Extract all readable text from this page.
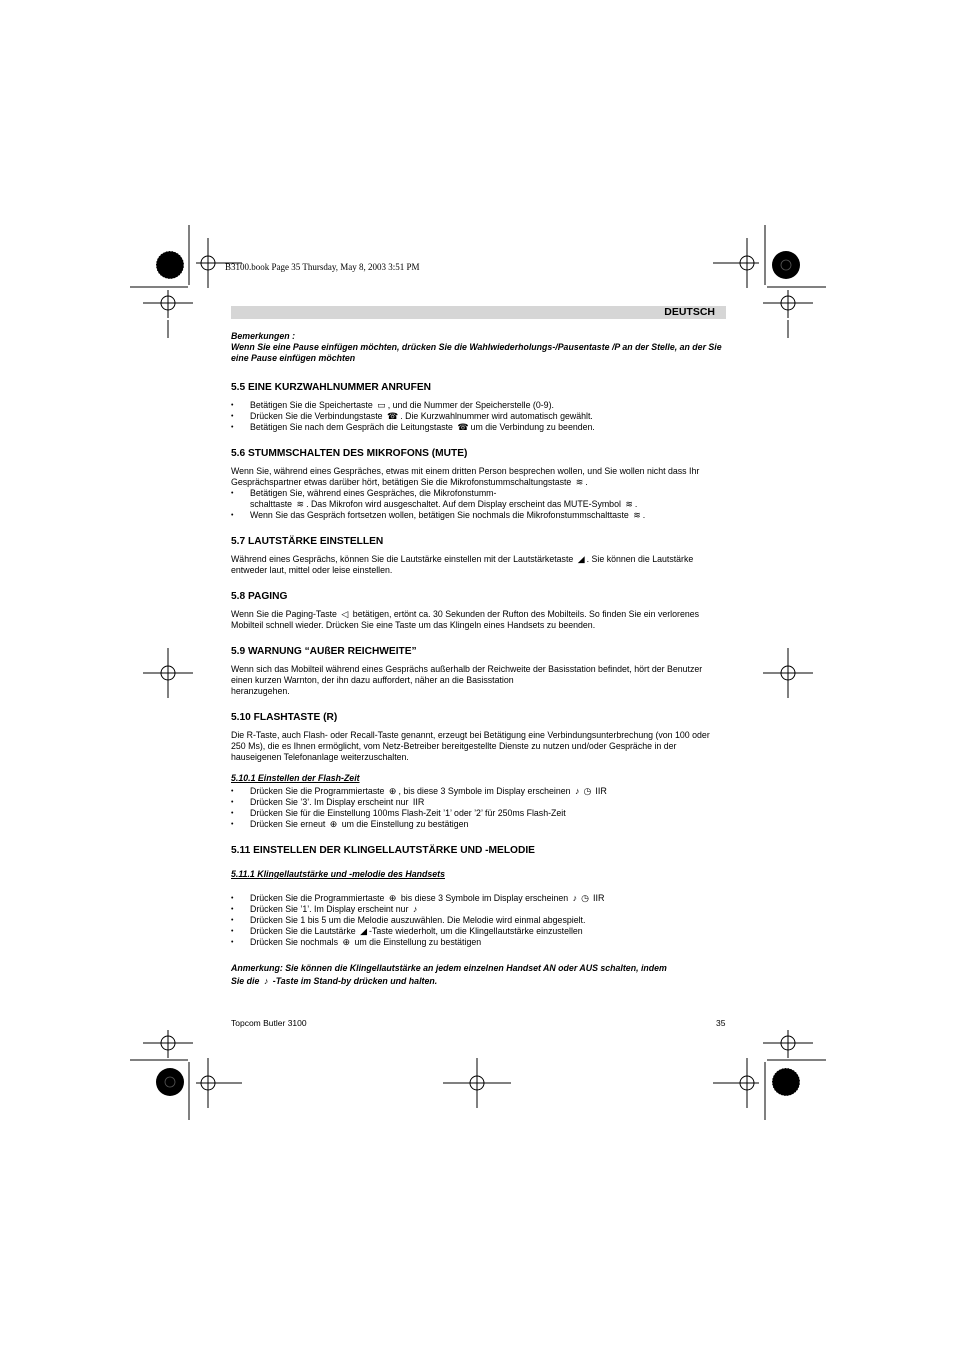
B3100.book Page 35 Thursday, May 8, 2003 3:51 PM
DEUTSCH
Bemerkungen :
Wenn Sie eine Pause einfügen möchten, drücken Sie die Wahlwiederholungs-/Pausentaste /P an der Stelle, an der Sie eine Pause einfügen möchten
5.5 EINE KURZWAHLNUMMER ANRUFEN
• Betätigen Sie die Speichertaste ▭ , und die Nummer der Speicherstelle (0-9).
• Drücken Sie die Verbindungstaste ☎ . Die Kurzwahlnummer wird automatisch gewählt.
• Betätigen Sie nach dem Gespräch die Leitungstaste ☎ um die Verbindung zu beenden.
5.6 STUMMSCHALTEN DES MIKROFONS (MUTE)

Wenn Sie, während eines Gespräches, etwas mit einem dritten Person besprechen wollen, und Sie wollen nicht dass Ihr Gesprächspartner etwas darüber hört, betätigen Sie die Mikrofonstummschaltungstaste ≋ .

• Betätigen Sie, während eines Gespräches, die Mikrofonstumm-
schalttaste ≋ . Das Mikrofon wird ausgeschaltet. Auf dem Display erscheint das MUTE-Symbol ≋ .
• Wenn Sie das Gespräch fortsetzen wollen, betätigen Sie nochmals die Mikrofonstummschalttaste ≋ .
5.7 LAUTSTÄRKE EINSTELLEN

Während eines Gesprächs, können Sie die Lautstärke einstellen mit der Lautstärketaste ◢ . Sie können die Lautstärke entweder laut, mittel oder leise einstellen.

5.8 PAGING

Wenn Sie die Paging-Taste ◁ betätigen, ertönt ca. 30 Sekunden der Rufton des Mobilteils. So finden Sie ein verlorenes Mobilteil schnell wieder. Drücken Sie eine Taste um das Klingeln eines Handsets zu beenden.

5.9 WARNUNG “AUßER REICHWEITE”

Wenn sich das Mobilteil während eines Gesprächs außerhalb der Reichweite der Basisstation befindet, hört der Benutzer einen kurzen Warnton, der ihn dazu auffordert, näher an die Basisstation
heranzugehen.

5.10 FLASHTASTE (R)

Die R-Taste, auch Flash- oder Recall-Taste genannt, erzeugt bei Betätigung eine Verbindungsunterbrechung (von 100 oder 250 Ms), die es Ihnen ermöglicht, vom Netz-Betreiber bereitgestellte Dienste zu nutzen und/oder Gespräche in der hauseigenen Telefonanlage weiterzuschalten.

5.10.1 Einstellen der Flash-Zeit
• Drücken Sie die Programmiertaste ⊕ , bis diese 3 Symbole im Display erscheinen ♪ ◷ IIR
• Drücken Sie ’3’. Im Display erscheint nur IIR
• Drücken Sie für die Einstellung 100ms Flash-Zeit ’1’ oder ’2’ für 250ms Flash-Zeit
• Drücken Sie erneut ⊕ um die Einstellung zu bestätigen
5.11 EINSTELLEN DER KLINGELLAUTSTÄRKE UND -MELODIE
5.11.1 Klingellautstärke und -melodie des Handsets
• Drücken Sie die Programmiertaste ⊕ bis diese 3 Symbole im Display erscheinen ♪ ◷ IIR
• Drücken Sie ’1’. Im Display erscheint nur ♪
• Drücken Sie 1 bis 5 um die Melodie auszuwählen. Die Melodie wird einmal abgespielt.
• Drücken Sie die Lautstärke ◢ -Taste wiederholt, um die Klingellautstärke einzustellen
• Drücken Sie nochmals ⊕ um die Einstellung zu bestätigen
Anmerkung: Sie können die Klingellautstärke an jedem einzelnen Handset AN oder AUS schalten, indem
Sie die ♪ -Taste im Stand-by drücken und halten.
Topcom Butler 3100	35
